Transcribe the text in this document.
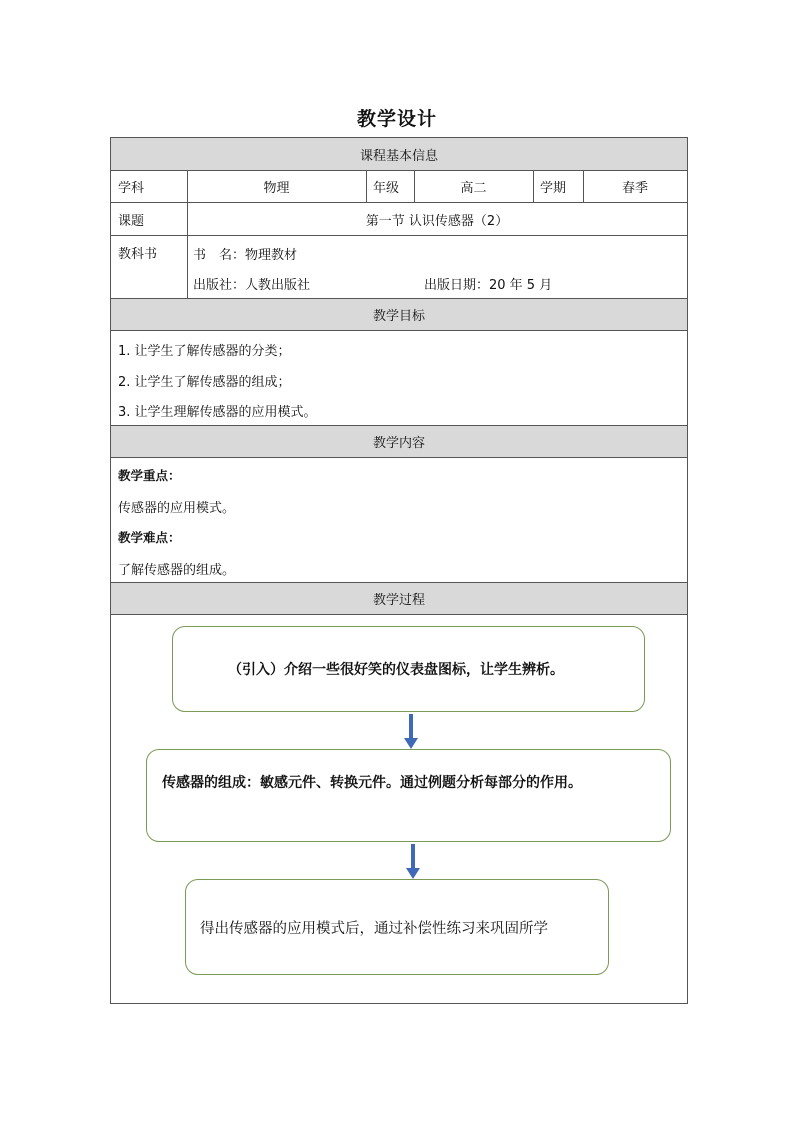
教学设计
课程基本信息
学科	物理	年级	高二	学期	春季
课题	第一节 认识传感器（2）
教科书	书　名：物理教材
出版社：人教出版社	出版日期：20 年 5 月
教学目标
1. 让学生了解传感器的分类；
2. 让学生了解传感器的组成；
3. 让学生理解传感器的应用模式。
教学内容
教学重点：
传感器的应用模式。
教学难点：
了解传感器的组成。
教学过程
（引入）介绍一些很好笑的仪表盘图标，让学生辨析。
传感器的组成：敏感元件、转换元件。通过例题分析每部分的作用。
得出传感器的应用模式后，通过补偿性练习来巩固所学
